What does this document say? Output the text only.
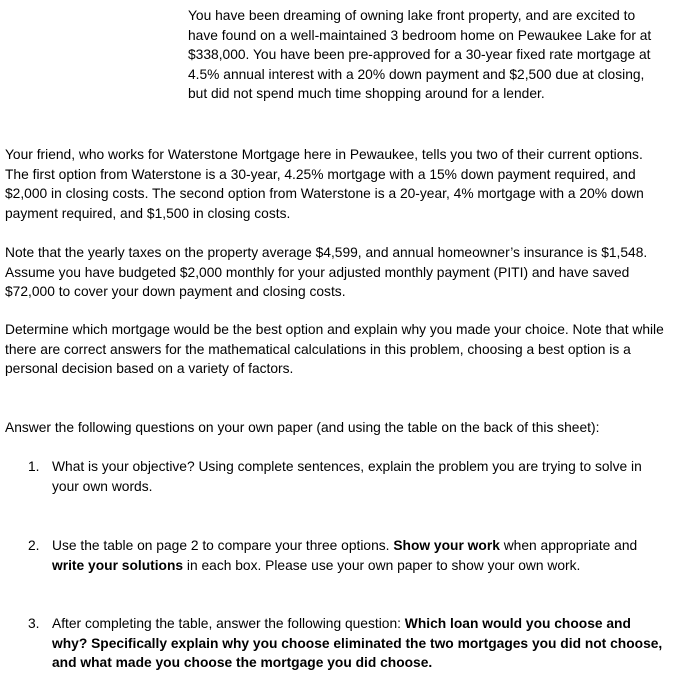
You have been dreaming of owning lake front property, and are excited to have found on a well-maintained 3 bedroom home on Pewaukee Lake for at $338,000. You have been pre-approved for a 30-year fixed rate mortgage at 4.5% annual interest with a 20% down payment and $2,500 due at closing, but did not spend much time shopping around for a lender.

Your friend, who works for Waterstone Mortgage here in Pewaukee, tells you two of their current options. The first option from Waterstone is a 30-year, 4.25% mortgage with a 15% down payment required, and $2,000 in closing costs. The second option from Waterstone is a 20-year, 4% mortgage with a 20% down payment required, and $1,500 in closing costs.

Note that the yearly taxes on the property average $4,599, and annual homeowner’s insurance is $1,548. Assume you have budgeted $2,000 monthly for your adjusted monthly payment (PITI) and have saved $72,000 to cover your down payment and closing costs.

Determine which mortgage would be the best option and explain why you made your choice. Note that while there are correct answers for the mathematical calculations in this problem, choosing a best option is a personal decision based on a variety of factors.

Answer the following questions on your own paper (and using the table on the back of this sheet):

1. What is your objective? Using complete sentences, explain the problem you are trying to solve in your own words.

2. Use the table on page 2 to compare your three options. Show your work when appropriate and write your solutions in each box. Please use your own paper to show your own work.

3. After completing the table, answer the following question: Which loan would you choose and why? Specifically explain why you choose eliminated the two mortgages you did not choose, and what made you choose the mortgage you did choose.
